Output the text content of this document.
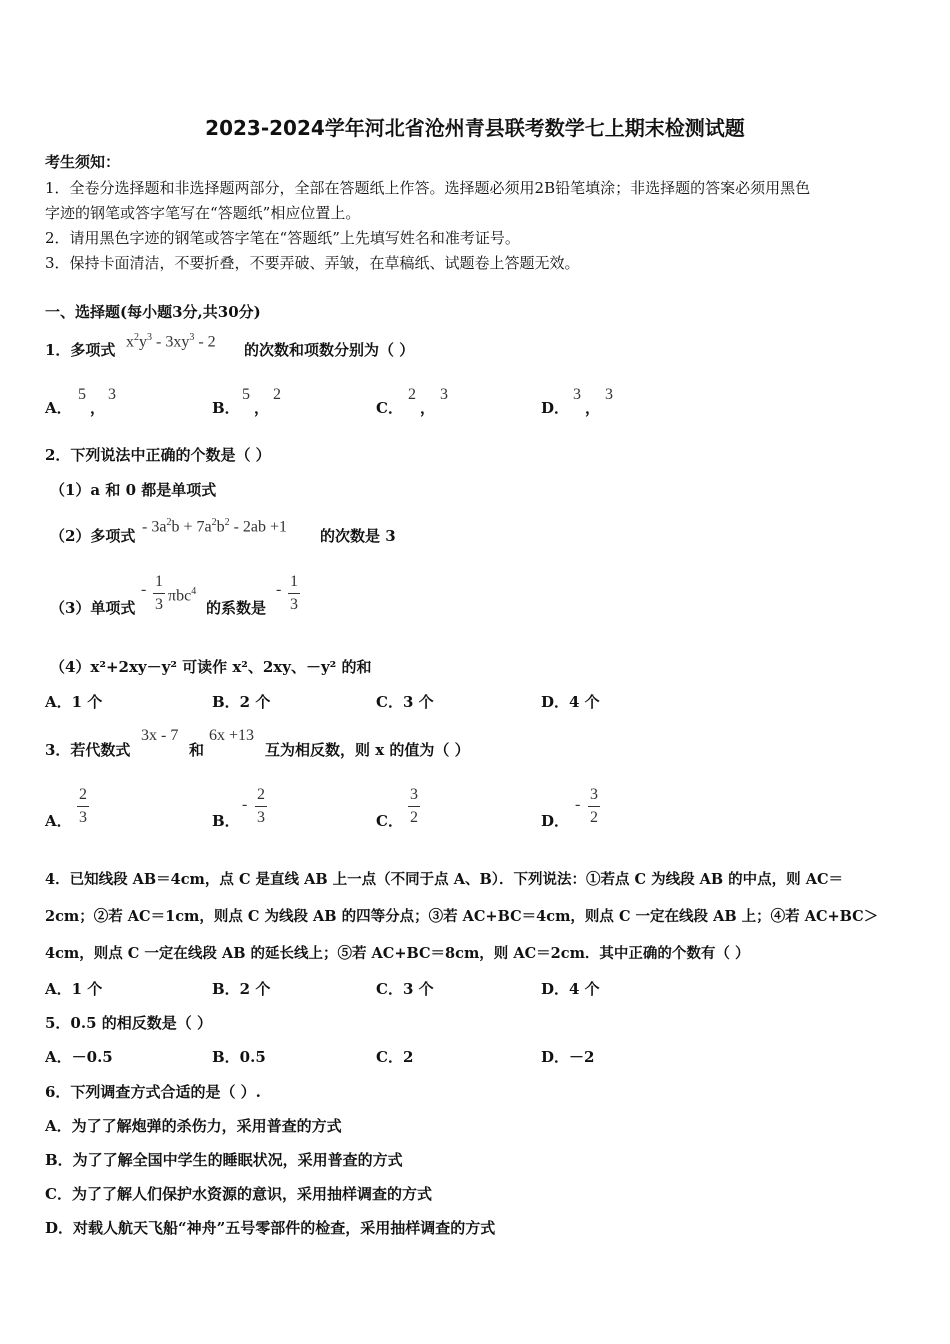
2023-2024学年河北省沧州青县联考数学七上期末检测试题
考生须知：
1．全卷分选择题和非选择题两部分，全部在答题纸上作答。选择题必须用2B铅笔填涂；非选择题的答案必须用黑色
字迹的钢笔或答字笔写在“答题纸”相应位置上。
2．请用黑色字迹的钢笔或答字笔在“答题纸”上先填写姓名和准考证号。
3．保持卡面清洁，不要折叠，不要弄破、弄皱，在草稿纸、试题卷上答题无效。
一、选择题(每小题3分,共30分)
1．多项式 $x^2y^3 - 3xy^3 - 2$ 的次数和项数分别为（ ）
A．
5
，
3
B．
5
，
2
C．
2
，
3
D．
3
，
3
2．下列说法中正确的个数是（ ）
（1）a 和 0 都是单项式
（2）多项式
- $3a^2b + 7a^2b^2 - 2ab +1$
的次数是 3
（3）单项式
- 1
3
πbc$^4$
的系数是
- 1
3
（4）x²+2xy－y² 可读作 x²、2xy、－y² 的和
A．1 个	B．2 个	C．3 个	D．4 个
3．若代数式
3x - 7
和
6x +13
互为相反数，则 x 的值为（ ）
A．
2
3	B．
-
2
3	C．
3
2	D．
-
3
2
4．已知线段 AB＝4cm，点 C 是直线 AB 上一点（不同于点 A、B）．下列说法：①若点 C 为线段 AB 的中点，则 AC＝
2cm；②若 AC＝1cm，则点 C 为线段 AB 的四等分点；③若 AC+BC＝4cm，则点 C 一定在线段 AB 上；④若 AC+BC＞
4cm，则点 C 一定在线段 AB 的延长线上；⑤若 AC+BC＝8cm，则 AC＝2cm．其中正确的个数有（ ）
A．1 个	B．2 个	C．3 个	D．4 个
5．0.5 的相反数是（ ）
A．－0.5	B．0.5	C．2	D．－2
6．下列调查方式合适的是（ ）.
A．为了了解炮弹的杀伤力，采用普查的方式
B．为了了解全国中学生的睡眠状况，采用普查的方式
C．为了了解人们保护水资源的意识，采用抽样调查的方式
D．对载人航天飞船“神舟”五号零部件的检查，采用抽样调查的方式
